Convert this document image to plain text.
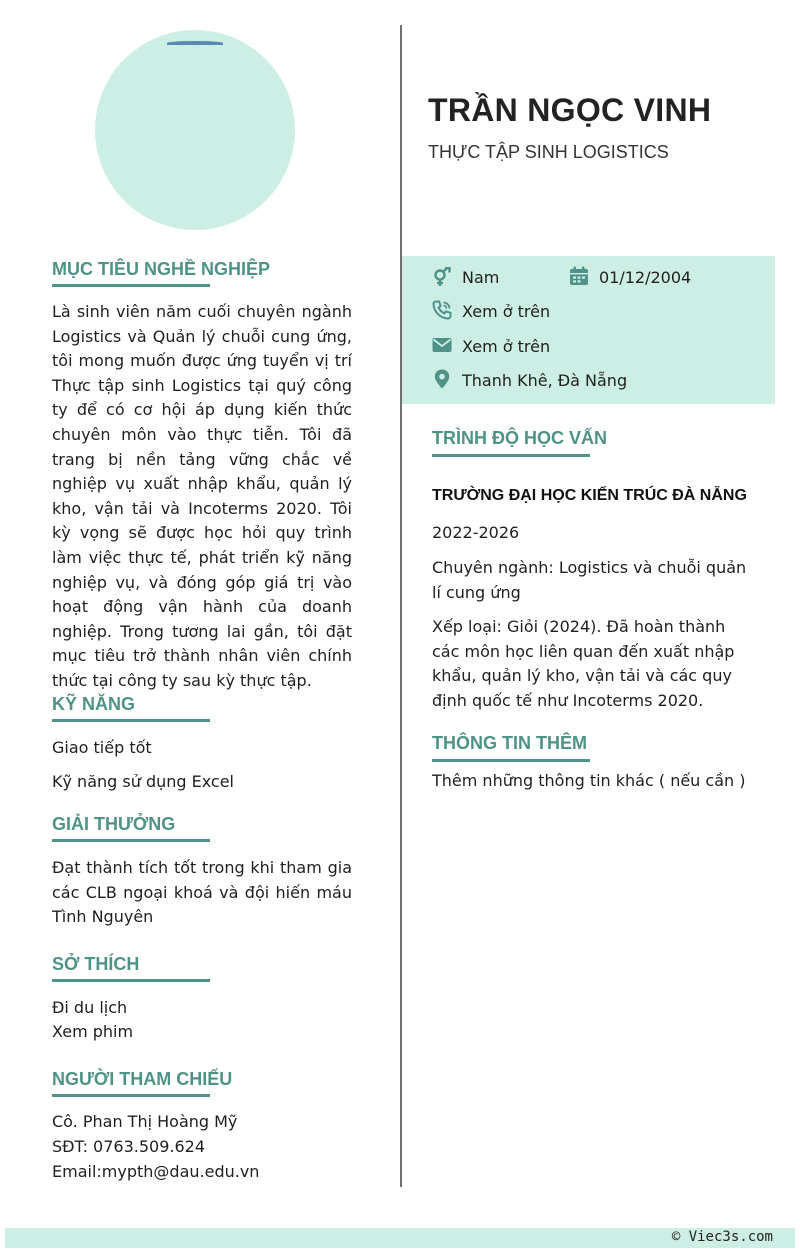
MỤC TIÊU NGHỀ NGHIỆP
Là sinh viên năm cuối chuyên ngành Logistics và Quản lý chuỗi cung ứng, tôi mong muốn được ứng tuyển vị trí Thực tập sinh Logistics tại quý công ty để có cơ hội áp dụng kiến thức chuyên môn vào thực tiễn. Tôi đã trang bị nền tảng vững chắc về nghiệp vụ xuất nhập khẩu, quản lý kho, vận tải và Incoterms 2020. Tôi kỳ vọng sẽ được học hỏi quy trình làm việc thực tế, phát triển kỹ năng nghiệp vụ, và đóng góp giá trị vào hoạt động vận hành của doanh nghiệp. Trong tương lai gần, tôi đặt mục tiêu trở thành nhân viên chính thức tại công ty sau kỳ thực tập.
KỸ NĂNG
Giao tiếp tốt
Kỹ năng sử dụng Excel
GIẢI THƯỞNG
Đạt thành tích tốt trong khi tham gia các CLB ngoại khoá và đội hiến máu Tình Nguyên
SỞ THÍCH
Đi du lịch
Xem phim
NGƯỜI THAM CHIẾU
Cô. Phan Thị Hoàng Mỹ
SĐT: 0763.509.624
Email:mypth@dau.edu.vn
TRẦN NGỌC VINH
THỰC TẬP SINH LOGISTICS
Nam	01/12/2004
Xem ở trên
Xem ở trên
Thanh Khê, Đà Nẵng
TRÌNH ĐỘ HỌC VẤN
TRƯỜNG ĐẠI HỌC KIẾN TRÚC ĐÀ NẴNG
2022-2026
Chuyên ngành: Logistics và chuỗi quản lí cung ứng
Xếp loại: Giỏi (2024). Đã hoàn thành các môn học liên quan đến xuất nhập khẩu, quản lý kho, vận tải và các quy định quốc tế như Incoterms 2020.
THÔNG TIN THÊM
Thêm những thông tin khác ( nếu cần )
© Viec3s.com
